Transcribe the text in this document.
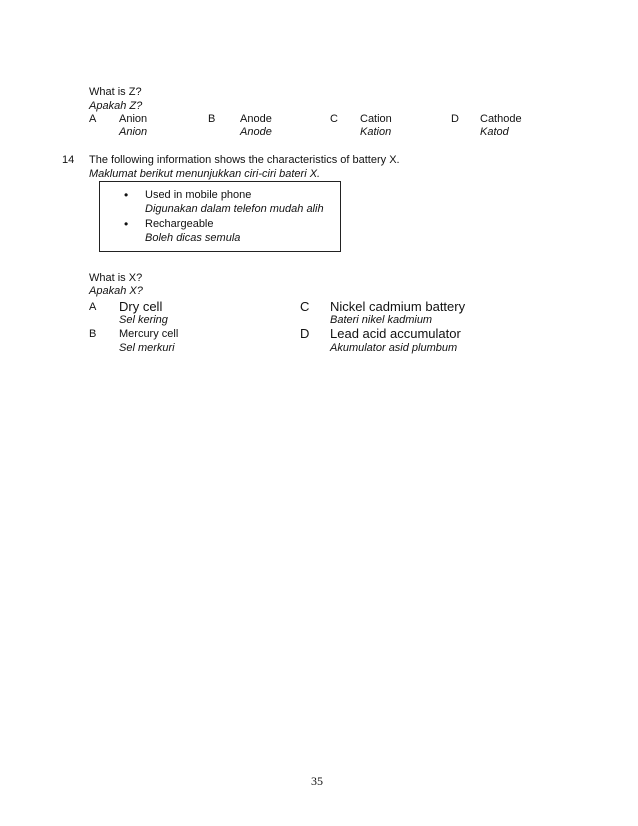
What is Z?
Apakah Z?
A Anion
Anion
B Anode
Anode
C Cation
Kation
D Cathode
Katod
14 The following information shows the characteristics of battery X.
Maklumat berikut menunjukkan ciri-ciri bateri X.
• Used in mobile phone
Digunakan dalam telefon mudah alih
• Rechargeable
Boleh dicas semula
What is X?
Apakah X?
A Dry cell
Sel kering
B Mercury cell
Sel merkuri
C Nickel cadmium battery
Bateri nikel kadmium
D Lead acid accumulator
Akumulator asid plumbum
35
